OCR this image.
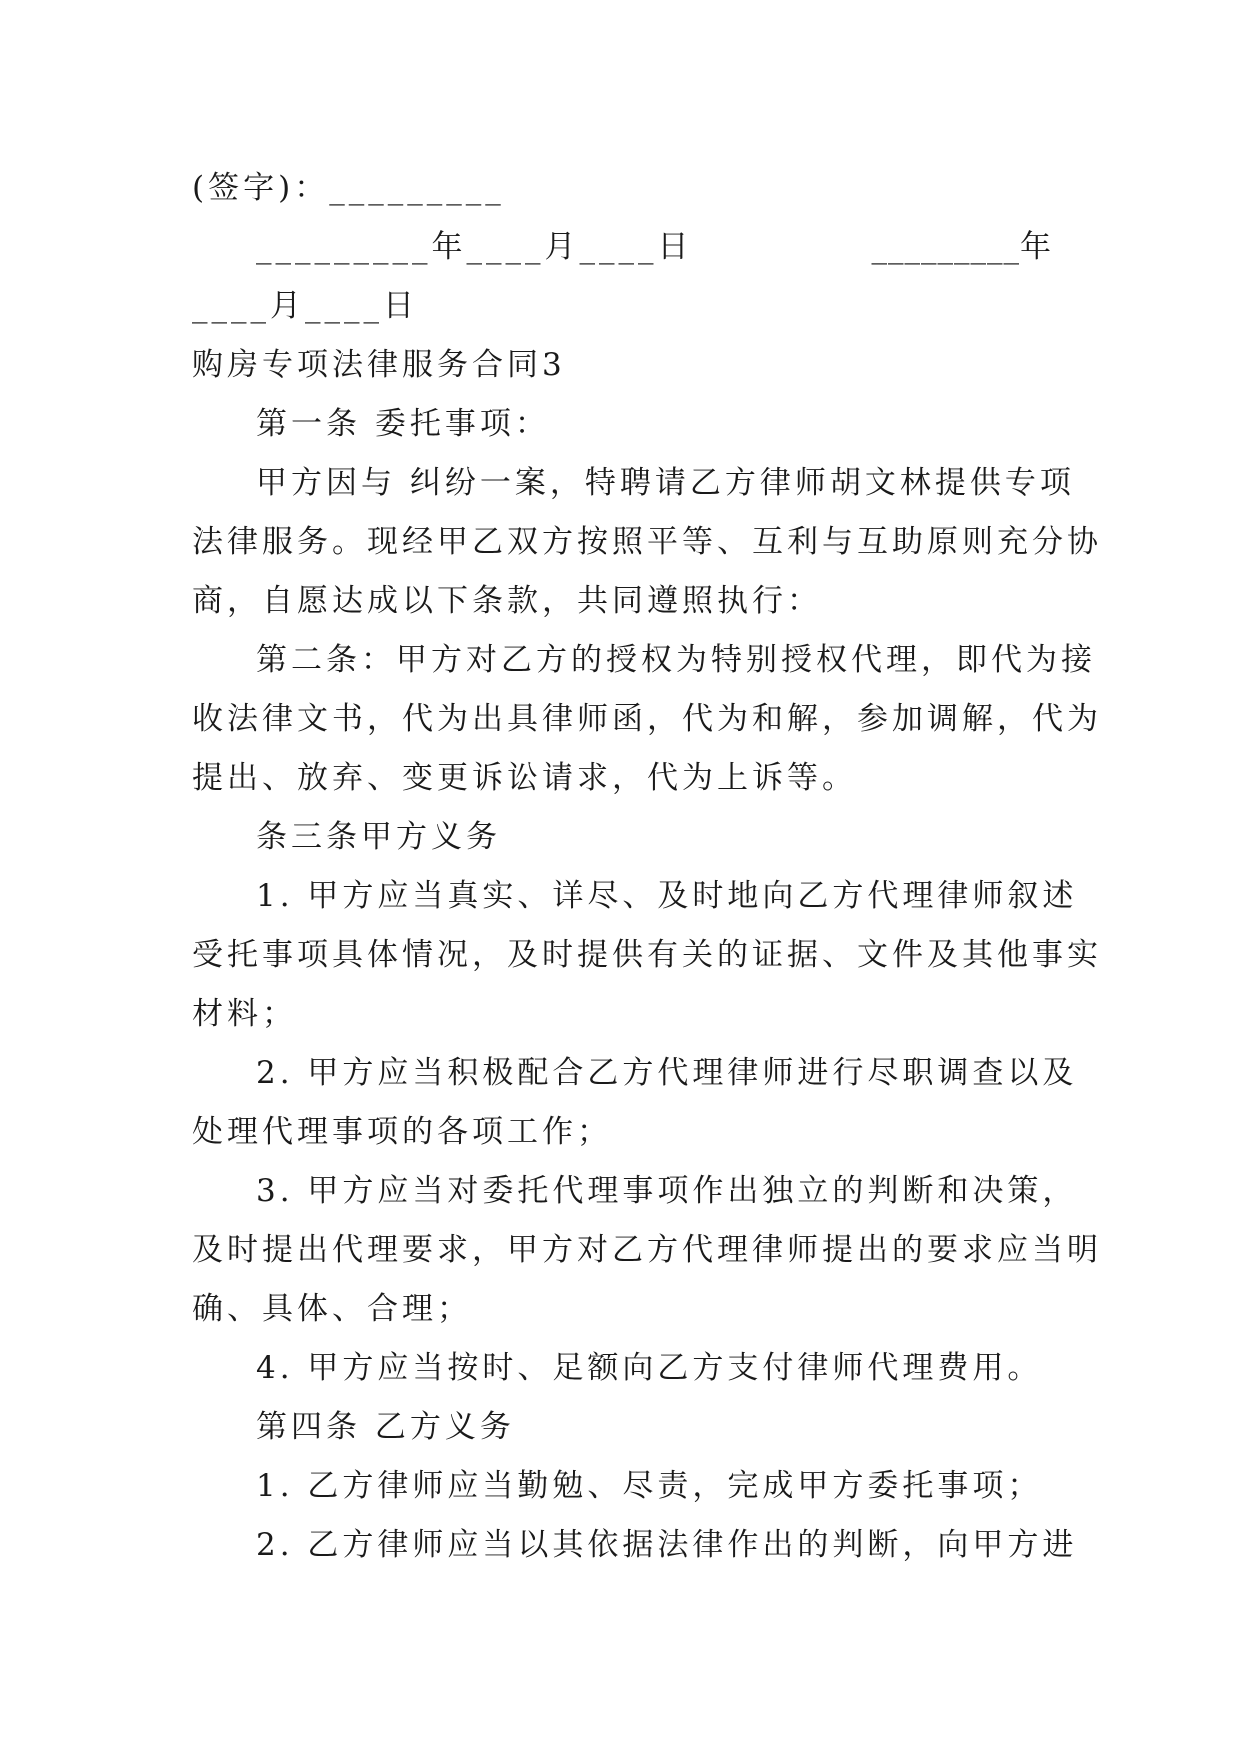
(签字)：_________
_________年____月____日	_________年
____月____日
购房专项法律服务合同3
第一条 委托事项：
甲方因与 纠纷一案，特聘请乙方律师胡文林提供专项
法律服务。现经甲乙双方按照平等、互利与互助原则充分协
商，自愿达成以下条款，共同遵照执行：
第二条：甲方对乙方的授权为特别授权代理，即代为接
收法律文书，代为出具律师函，代为和解，参加调解，代为
提出、放弃、变更诉讼请求，代为上诉等。
条三条甲方义务
1. 甲方应当真实、详尽、及时地向乙方代理律师叙述
受托事项具体情况，及时提供有关的证据、文件及其他事实
材料；
2. 甲方应当积极配合乙方代理律师进行尽职调查以及
处理代理事项的各项工作；
3. 甲方应当对委托代理事项作出独立的判断和决策，
及时提出代理要求，甲方对乙方代理律师提出的要求应当明
确、具体、合理；
4. 甲方应当按时、足额向乙方支付律师代理费用。
第四条 乙方义务
1. 乙方律师应当勤勉、尽责，完成甲方委托事项；
2. 乙方律师应当以其依据法律作出的判断，向甲方进
